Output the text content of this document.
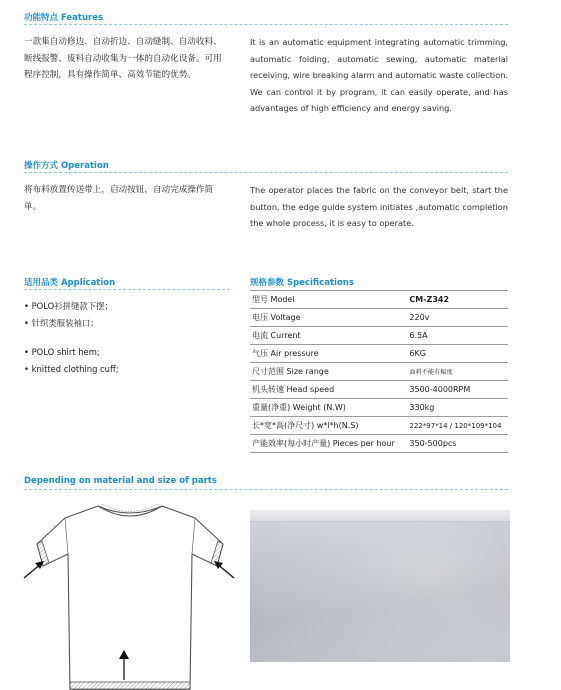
功能特点 Features
一款集自动修边、自动折边、自动缝制、自动收料、断线报警、废料自动收集为一体的自动化设备。可用程序控制，具有操作简单、高效节能的优势。
It is an automatic equipment integrating automatic trimming, automatic folding, automatic sewing, automatic material receiving, wire breaking alarm and automatic waste collection. We can control it by program, it can easily operate, and has advantages of high efficiency and energy saving.
操作方式 Operation
将布料放置传送带上，启动按钮，自动完成操作简单。
The operator places the fabric on the conveyor belt, start the button, the edge guide system initiates ,automatic completion the whole process, it is easy to operate.
适用品类 Application
• POLO衫拼缝款下摆；
• 针织类服装袖口；
• POLO shirt hem;
• knitted clothing cuff;
规格参数 Specifications
型号 Model	CM-Z342
电压 Voltage	220v
电流 Current	6.5A
气压 Air pressure	6KG
尺寸范围 Size range	面料不能有幅度
机头转速 Head speed	3500-4000RPM
重量(净重) Weight (N.W)	330kg
长*宽*高(净尺寸) w*l*h(N.S)	222*97*14 / 120*109*104
产能效率(每小时产量) Pieces per hour	350-500pcs
Depending on material and size of parts
